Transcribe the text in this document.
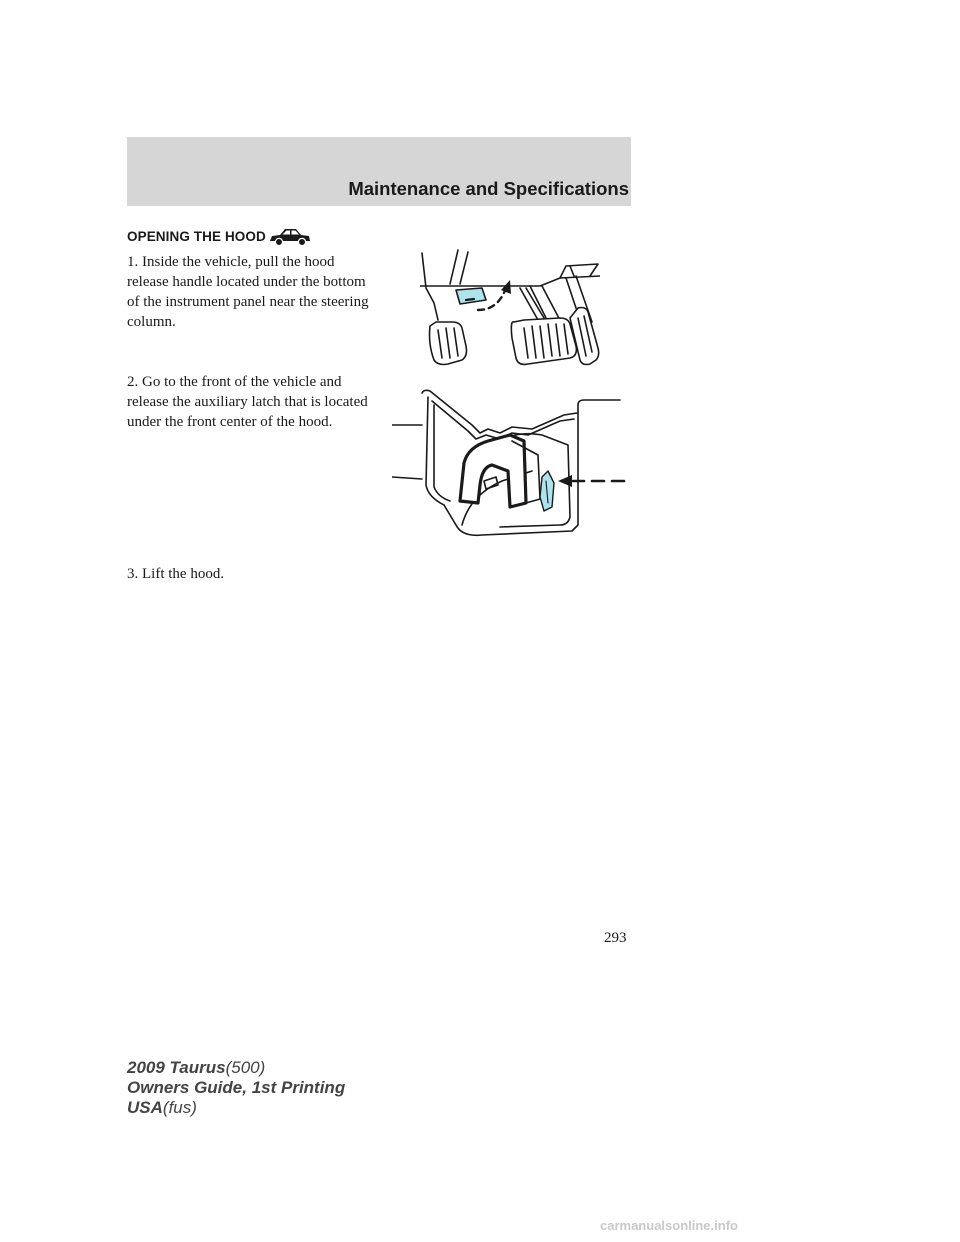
Maintenance and Specifications
OPENING THE HOOD
1. Inside the vehicle, pull the hood release handle located under the bottom of the instrument panel near the steering column.
2. Go to the front of the vehicle and release the auxiliary latch that is located under the front center of the hood.
3. Lift the hood.
293
2009 Taurus(500)
Owners Guide, 1st Printing
USA(fus)
carmanualsonline.info
